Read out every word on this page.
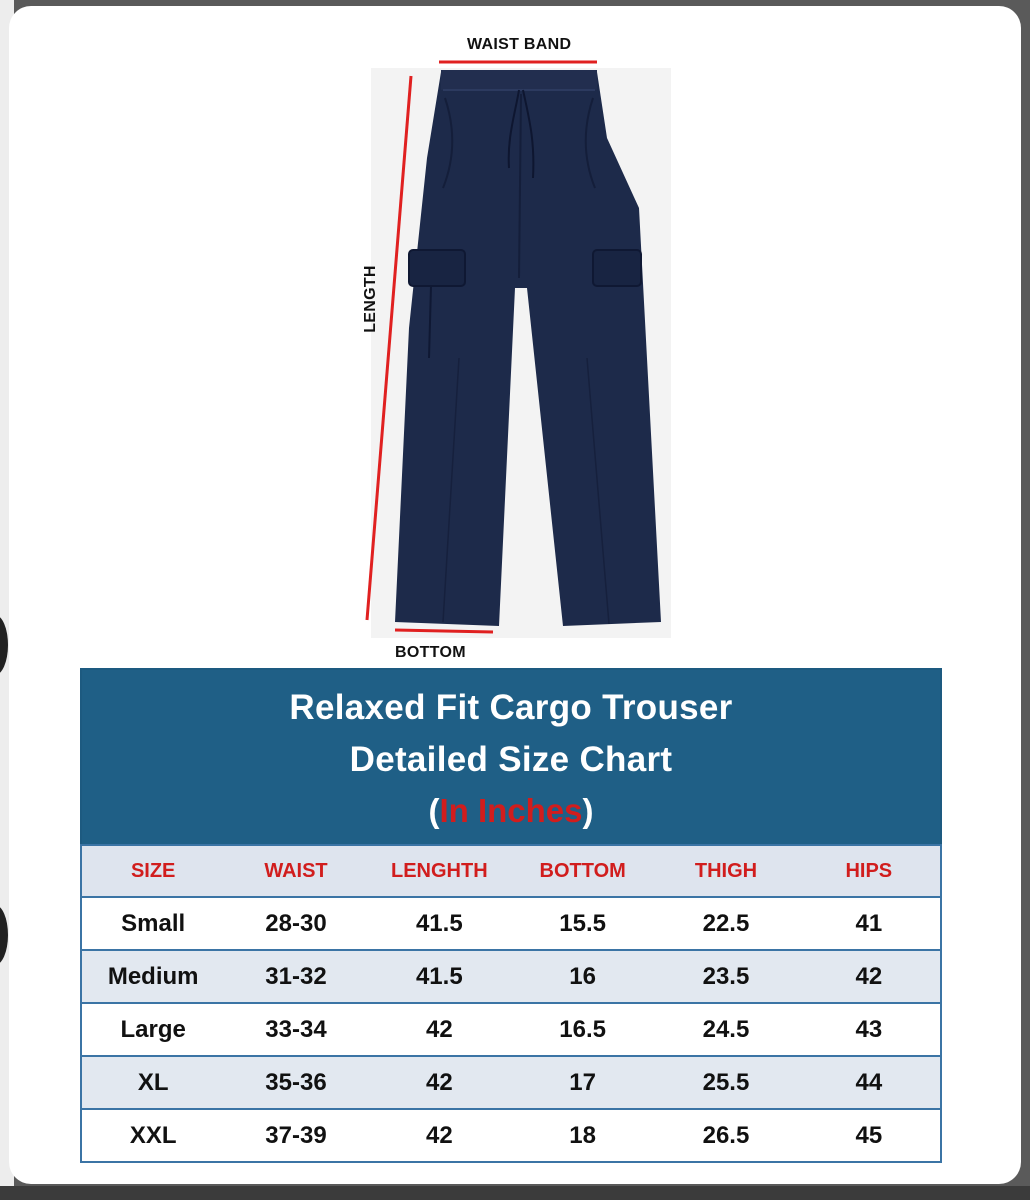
WAIST BAND
LENGTH
BOTTOM
Relaxed Fit Cargo Trouser
Detailed Size Chart
(In Inches)
SIZE	WAIST	LENGHTH	BOTTOM	THIGH	HIPS
Small	28-30	41.5	15.5	22.5	41
Medium	31-32	41.5	16	23.5	42
Large	33-34	42	16.5	24.5	43
XL	35-36	42	17	25.5	44
XXL	37-39	42	18	26.5	45
